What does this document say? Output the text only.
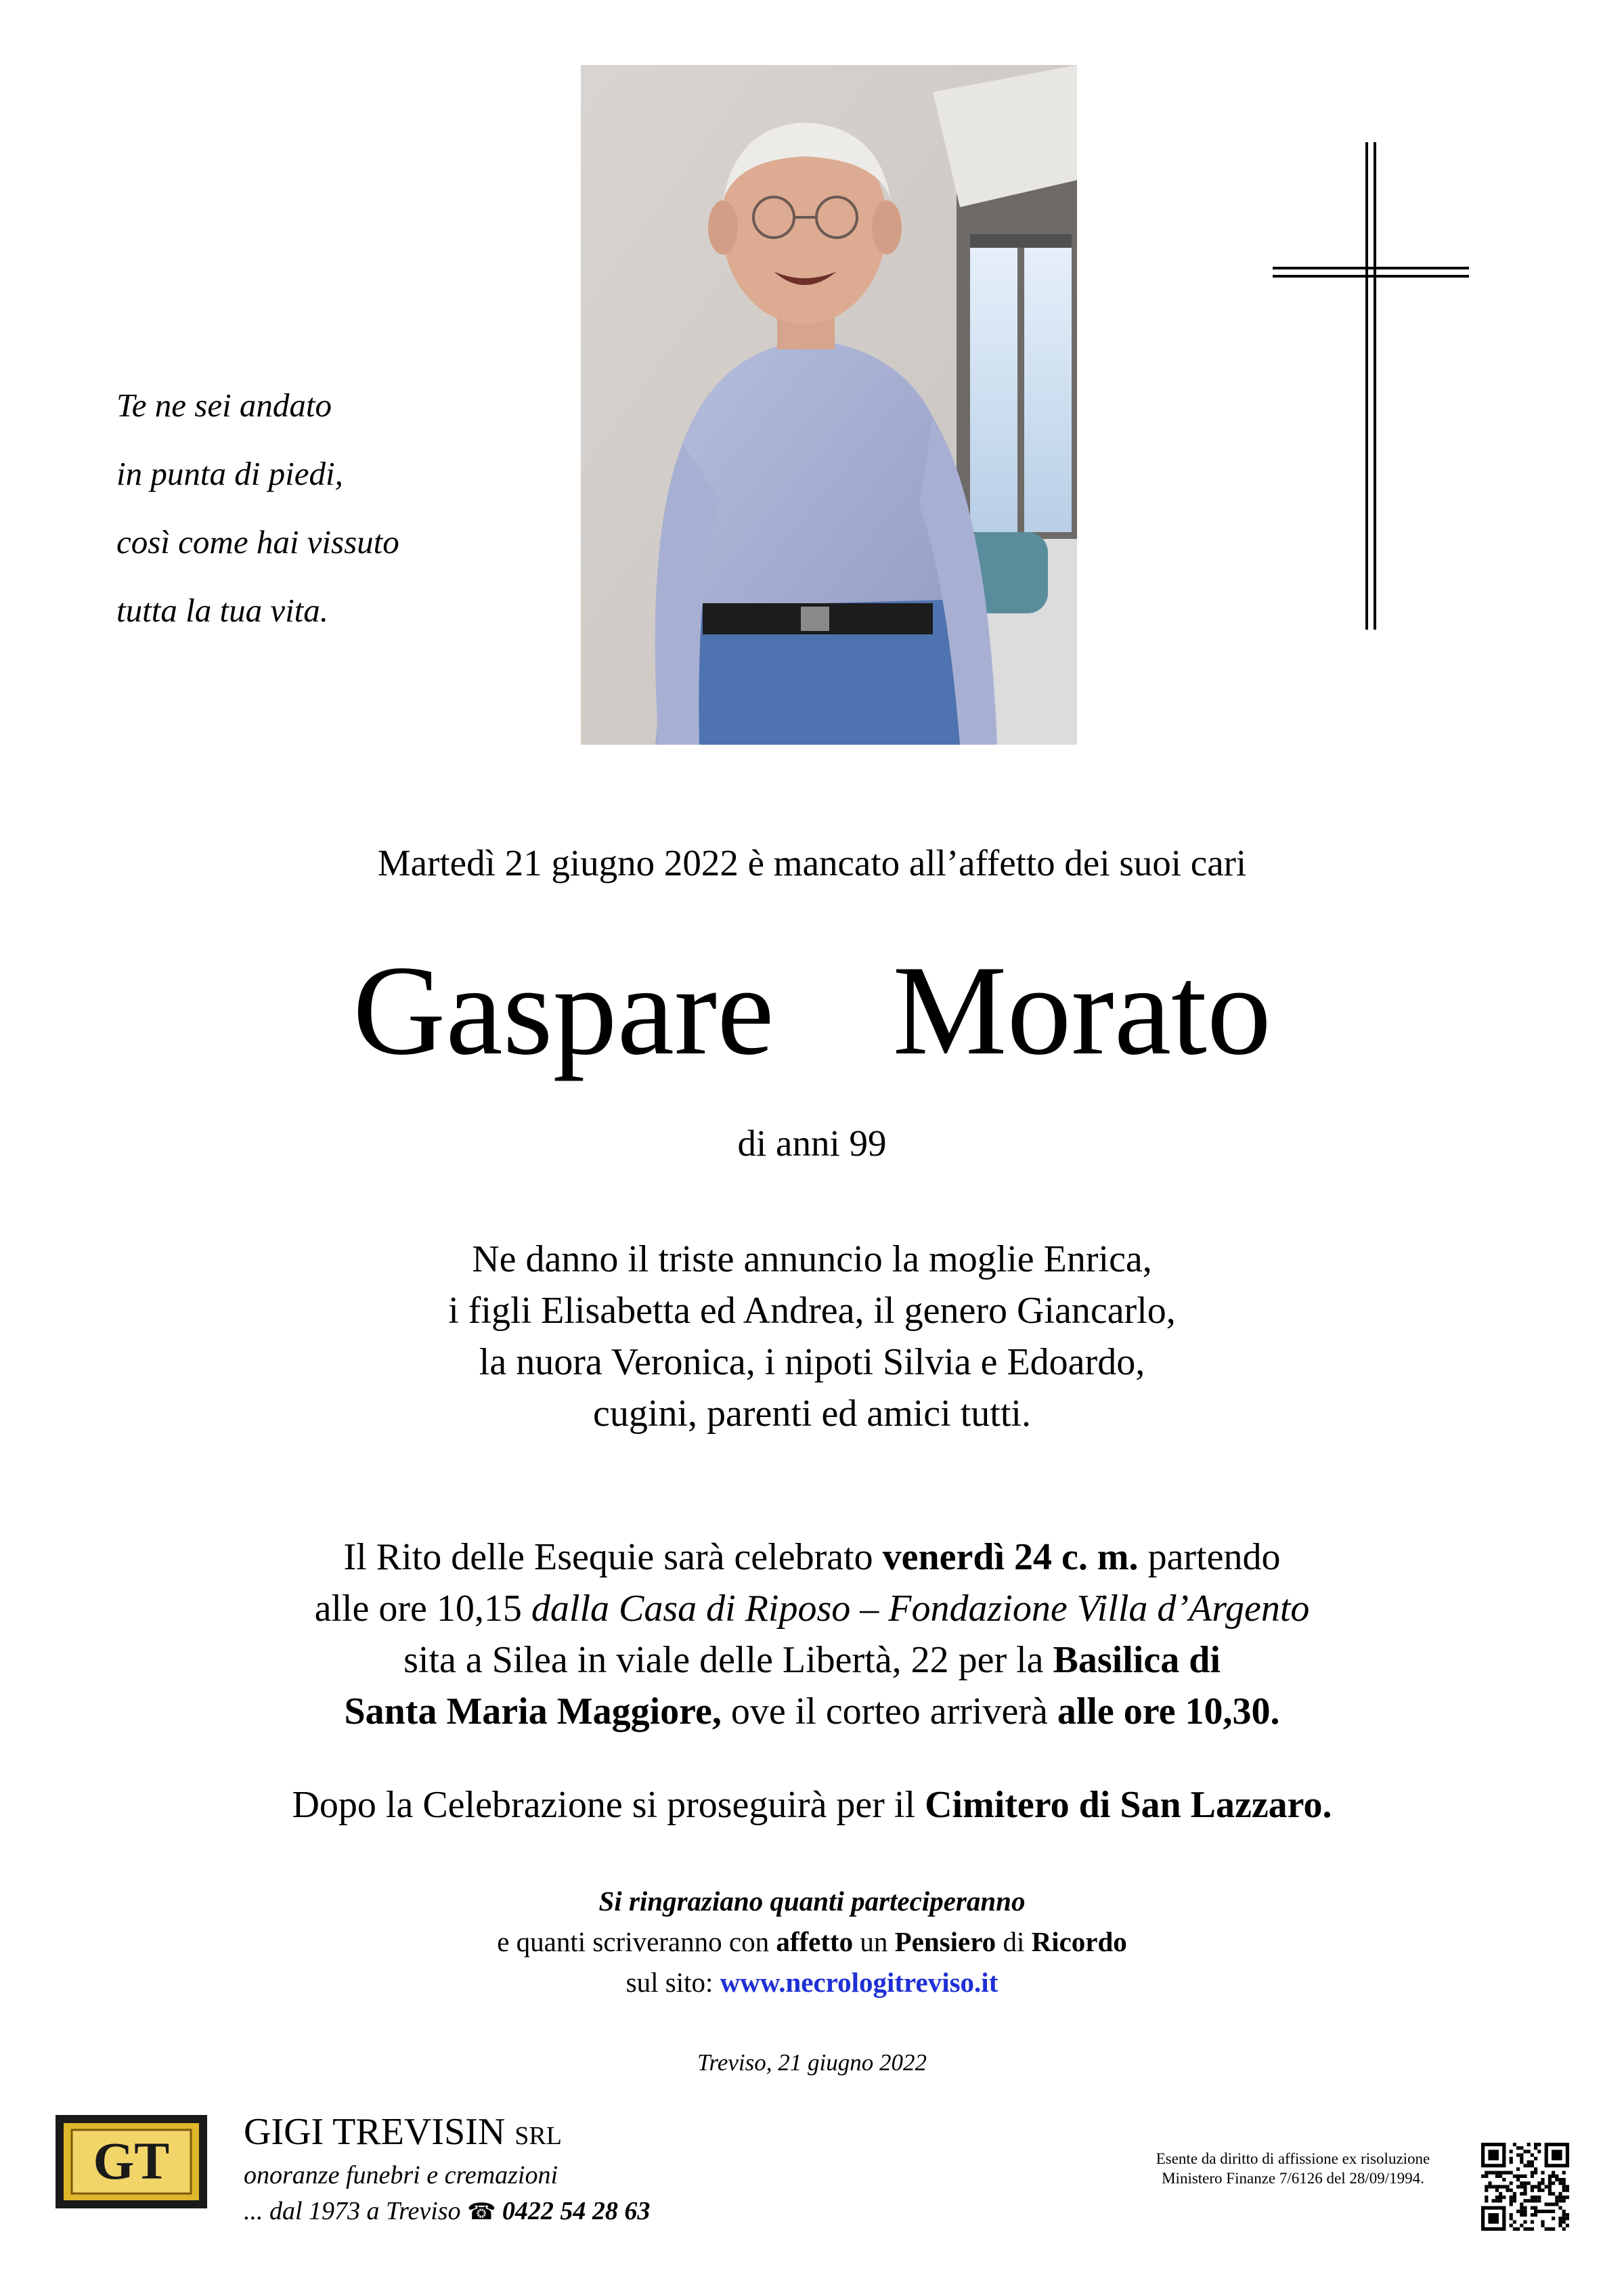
Te ne sei andato
in punta di piedi,
così come hai vissuto
tutta la tua vita.
Martedì 21 giugno 2022 è mancato all’affetto dei suoi cari
Gaspare  Morato
di anni 99
Ne danno il triste annuncio la moglie Enrica,
i figli Elisabetta ed Andrea, il genero Giancarlo,
la nuora Veronica, i nipoti Silvia e Edoardo,
cugini, parenti ed amici tutti.
Il Rito delle Esequie sarà celebrato venerdì 24 c. m. partendo
alle ore 10,15 dalla Casa di Riposo – Fondazione Villa d’Argento
sita a Silea in viale delle Libertà, 22 per la Basilica di
Santa Maria Maggiore, ove il corteo arriverà alle ore 10,30.
Dopo la Celebrazione si proseguirà per il Cimitero di San Lazzaro.
Si ringraziano quanti parteciperanno
e quanti scriveranno con affetto un Pensiero di Ricordo
sul sito: www.necrologitreviso.it
Treviso, 21 giugno 2022
GT	GIGI TREVISIN SRL
onoranze funebri e cremazioni
... dal 1973 a Treviso ☎ 0422 54 28 63
Esente da diritto di affissione ex risoluzione
Ministero Finanze 7/6126 del 28/09/1994.
